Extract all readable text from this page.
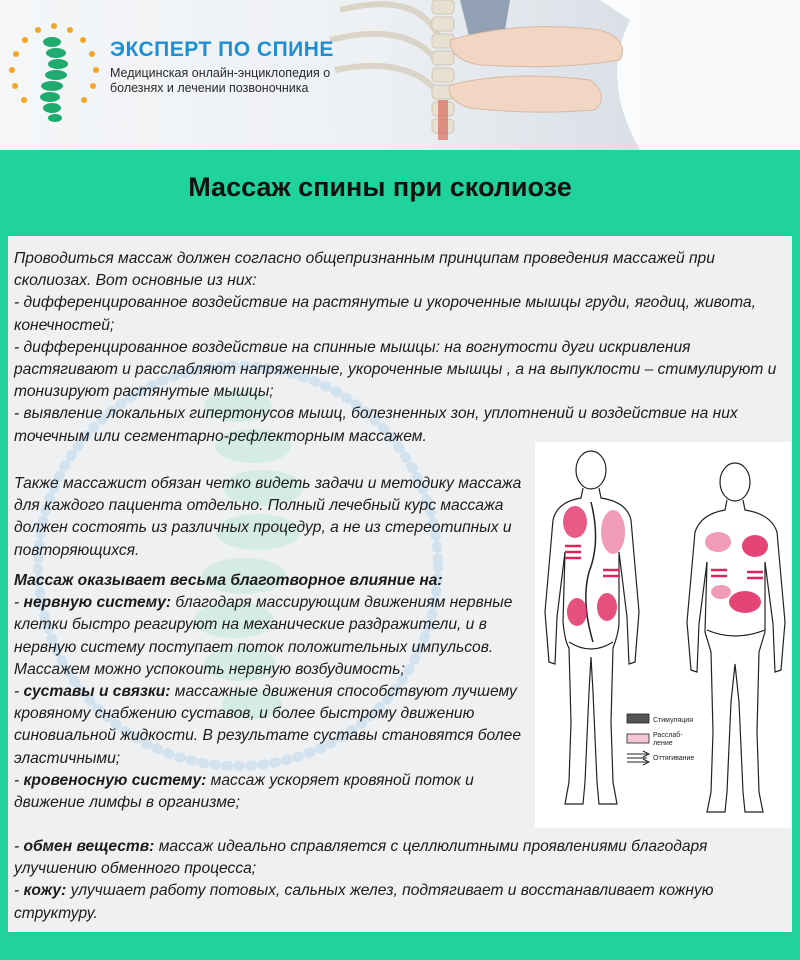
ЭКСПЕРТ ПО СПИНЕ
Медицинская онлайн-энциклопедия о болезнях и лечении позвоночника
Массаж спины при сколиозе
Проводиться массаж должен согласно общепризнанным принципам проведения массажей при сколиозах. Вот основные из них:
- дифференцированное воздействие на растянутые и укороченные мышцы груди, ягодиц, живота, конечностей;
- дифференцированное воздействие на спинные мышцы: на вогнутости дуги искривления растягивают и расслабляют напряженные, укороченные мышцы , а на выпуклости – стимулируют и тонизируют растянутые мышцы;
- выявление локальных гипертонусов мышц, болезненных зон, уплотнений и воздействие на них точечным или сегментарно-рефлекторным массажем.
Также массажист обязан четко видеть задачи и методику массажа для каждого пациента отдельно. Полный лечебный курс массажа должен состоять из различных процедур, а не из стереотипных и повторяющихся.
Массаж оказывает весьма благотворное влияние на:
- нервную систему: благодаря массирующим движениям нервные клетки быстро реагируют на механические раздражители, и в нервную систему поступает поток положительных импульсов. Массажем можно успокоить нервную возбудимость;
- суставы и связки: массажные движения способствуют лучшему кровяному снабжению суставов, и более быстрому движению синовиальной жидкости. В результате суставы становятся более эластичными;
- кровеносную систему: массаж ускоряет кровяной поток и движение лимфы в организме;
- обмен веществ: массаж идеально справляется с целлюлитными проявлениями благодаря улучшению обменного процесса;
- кожу: улучшает работу потовых, сальных желез, подтягивает и восстанавливает кожную структуру.
Стимуляция
Расслаб-
ление
Оттягивание
